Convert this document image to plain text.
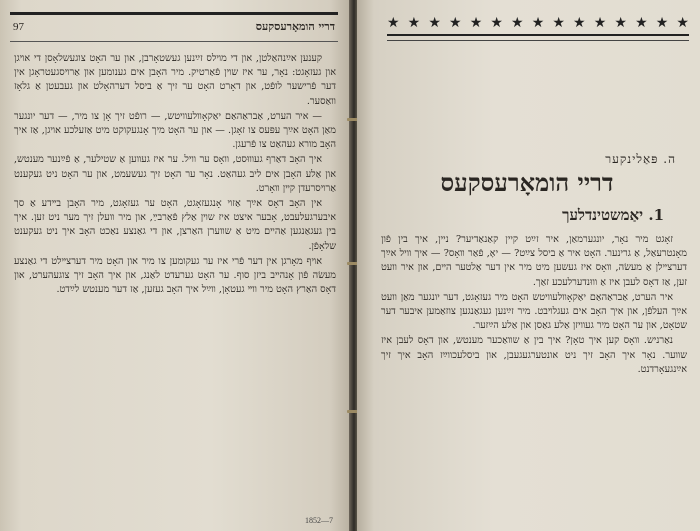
97	דריי הומאָרעסקעס

קענען אײַנהאַלטן, און די מױלס זײַנען געשטאָרבן, און ער האָט צוגעשלאָסן די אױגן און געזאָגט: נאָר, ער איז שױן פֿאַרטיק. מיר האָבן אים גענומען און אַרױסגעטראָגן אין דער פֿרישער לופֿט, און דאָרט האָט ער זיך אַ ביסל דערהאָלט און געבעטן אַ גלאָז װאַסער.

— איר הערט, אַבראַהאַם יאַקאָװלעװיטש, — רופֿט זיך אָן צו מיר, — דער יונגער מאַן האָט אײַך עפּעס צו זאָגן. — און ער האָט מיך אָנגעקוקט מיט אַזעלכע אױגן, אַז איך האָב מורא געהאַט צו פֿרעגן.

איך האָב דאַרף געװוּסט, װאָס ער װיל. ער איז געװען אַ שטילער, אַ פֿײַנער מענטש, און אַלע האָבן אים ליב געהאַט. נאָר ער האָט זיך געשעמט, און ער האָט ניט געקענט אַרױסרעדן קײן װאָרט.

אין האָב דאָס אײַך אַזױ אָנגעזאָגט, האָט ער געזאָגט, מיר האָבן בײדע אַ סך איבערגעלעבט, אָבער איצט איז שױן אַלץ פֿאַרבײַ, און מיר װעלן זיך מער ניט זען. איך בין געגאַנגען אַהײם מיט אַ שװערן האַרצן, און די גאַנצע נאַכט האָב איך ניט געקענט שלאָפֿן.

אױף מאָרגן אין דער פֿרי איז ער געקומען צו מיר און האָט מיר דערצײלט די גאַנצע מעשׂה פֿון אָנהײב ביזן סוף. ער האָט גערעדט לאַנג, און איך האָב זיך צוגעהערט, און דאָס האַרץ האָט מיר װײ געטאָן, װײַל איך האָב געזען, אַז דער מענטש לײַדט.

1852—7
★ ★ ★ ★ ★ ★ ★ ★ ★ ★ ★ ★ ★ ★ ★
ה. פּאַלינקער
דריי הומאָרעסקעס
1. יאַמשטינדלעך

זאָגט מיר נאָר, יונגערמאַן, איר זײַט קיין קאַנאַדיער? ניין, איך בין פֿון מאָנטרעאַל, אַ גרינער. האָט איר אַ ביסל צײַט? — יאָ, פֿאַר װאָס? — איך װיל אײַך דערצײלן אַ מעשׂה, װאָס איז געשען מיט מיר אין דער אַלטער הײם, און איר װעט זען, אַז דאָס לעבן איז אַ װוּנדערלעכע זאַך.

איר הערט, אַבראַהאַם יאַקאָװלעװיטש האָט מיר געזאָגט, דער יונגער מאַן װעט אײַך העלפֿן, און איך האָב אים געגלױבט. מיר זײַנען געגאַנגען צוזאַמען איבער דער שטאָט, און ער האָט מיר געװיזן אַלע גאַסן און אַלע הײַזער.

נאַרניש. װאָס קען איך טאָן? איך בין אַ שװאַכער מענטש, און דאָס לעבן איז שװער. נאָר איך האָב זיך ניט אונטערגעגעבן, און ביסלעכװײַז האָב איך זיך אײַנגעאָרדנט.
